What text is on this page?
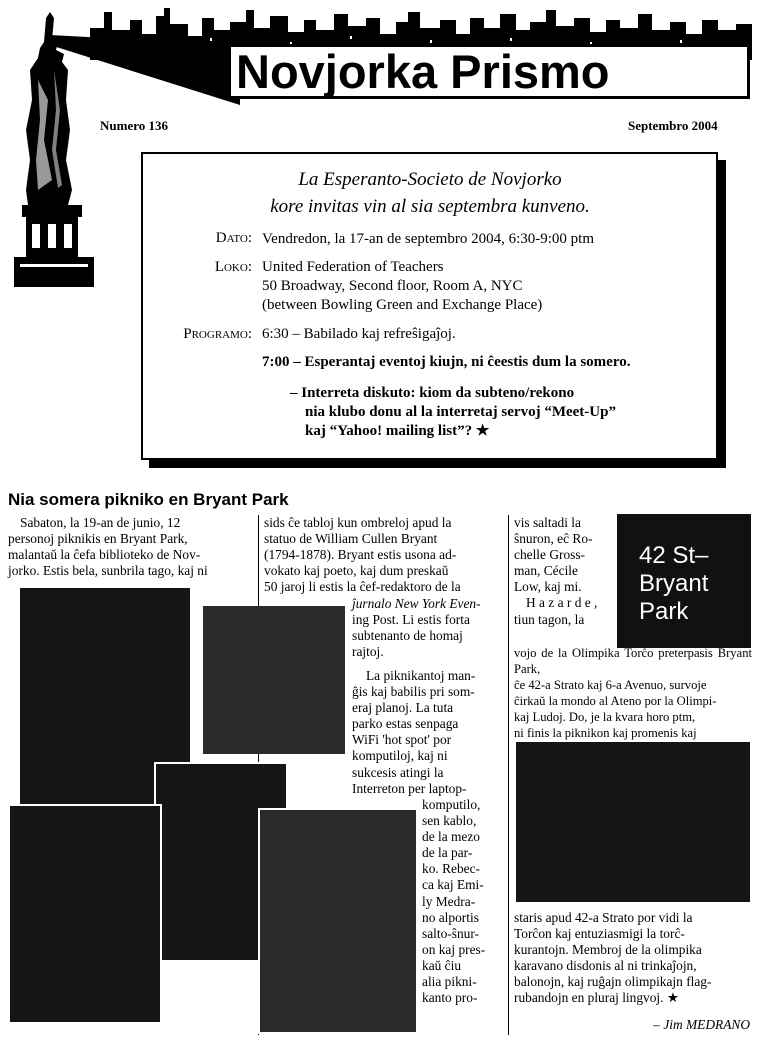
Novjorka Prismo
Numero 136	Septembro 2004
La Esperanto-Societo de Novjorko
kore invitas vin al sia septembra kunveno.
Dato: Vendredon, la 17-an de septembro 2004, 6:30-9:00 ptm
Loko: United Federation of Teachers
50 Broadway, Second floor, Room A, NYC
(between Bowling Green and Exchange Place)
Programo: 6:30 – Babilado kaj refreŝigaĵoj.
7:00 – Esperantaj eventoj kiujn, ni ĉeestis dum la somero.
– Interreta diskuto: kiom da subteno/rekono
nia klubo donu al la interretaj servoj “Meet-Up”
kaj “Yahoo! mailing list”? ★
Nia somera pikniko en Bryant Park

Sabaton, la 19-an de junio, 12

personoj piknikis en Bryant Park,

malantaŭ la ĉefa biblioteko de Nov-

jorko. Estis bela, sunbrila tago, kaj ni

sids ĉe tabloj kun ombreloj apud la

statuo de William Cullen Bryant

(1794-1878). Bryant estis usona ad-

vokato kaj poeto, kaj dum preskaŭ

50 jaroj li estis la ĉef-redaktoro de la

ĵurnalo New York Even-

ing Post. Li estis forta

subtenanto de homaj

rajtoj.

La piknikantoj man-

ĝis kaj babilis pri som-

eraj planoj. La tuta

parko estas senpaga

WiFi 'hot spot' por

komputiloj, kaj ni

sukcesis atingi la

Interreton per laptop-

komputilo,

sen kablo,

de la mezo

de la par-

ko. Rebec-

ca kaj Emi-

ly Medra-

no alportis

salto-ŝnur-

on kaj pres-

kaŭ ĉiu

alia pikni-

kanto pro-

42 St–
Bryant
Park

vis saltadi la

ŝnuron, eĉ Ro-

chelle Gross-

man, Cécile

Low, kaj mi.

H a z a r d e ,

tiun tagon, la

vojo de la Olimpika Torĉo preterpasis Bryant Park,

ĉe 42-a Strato kaj 6-a Avenuo, survoje

ĉirkaŭ la mondo al Ateno por la Olimpi-

kaj Ludoj. Do, je la kvara horo ptm,

ni finis la piknikon kaj promenis kaj

staris apud 42-a Strato por vidi la

Torĉon kaj entuziasmigi la torĉ-

kurantojn. Membroj de la olimpika

karavano disdonis al ni trinkaĵojn,

balonojn, kaj ruĝajn olimpikajn flag-

rubandojn en pluraj lingvoj. ★

– Jim MEDRANO
